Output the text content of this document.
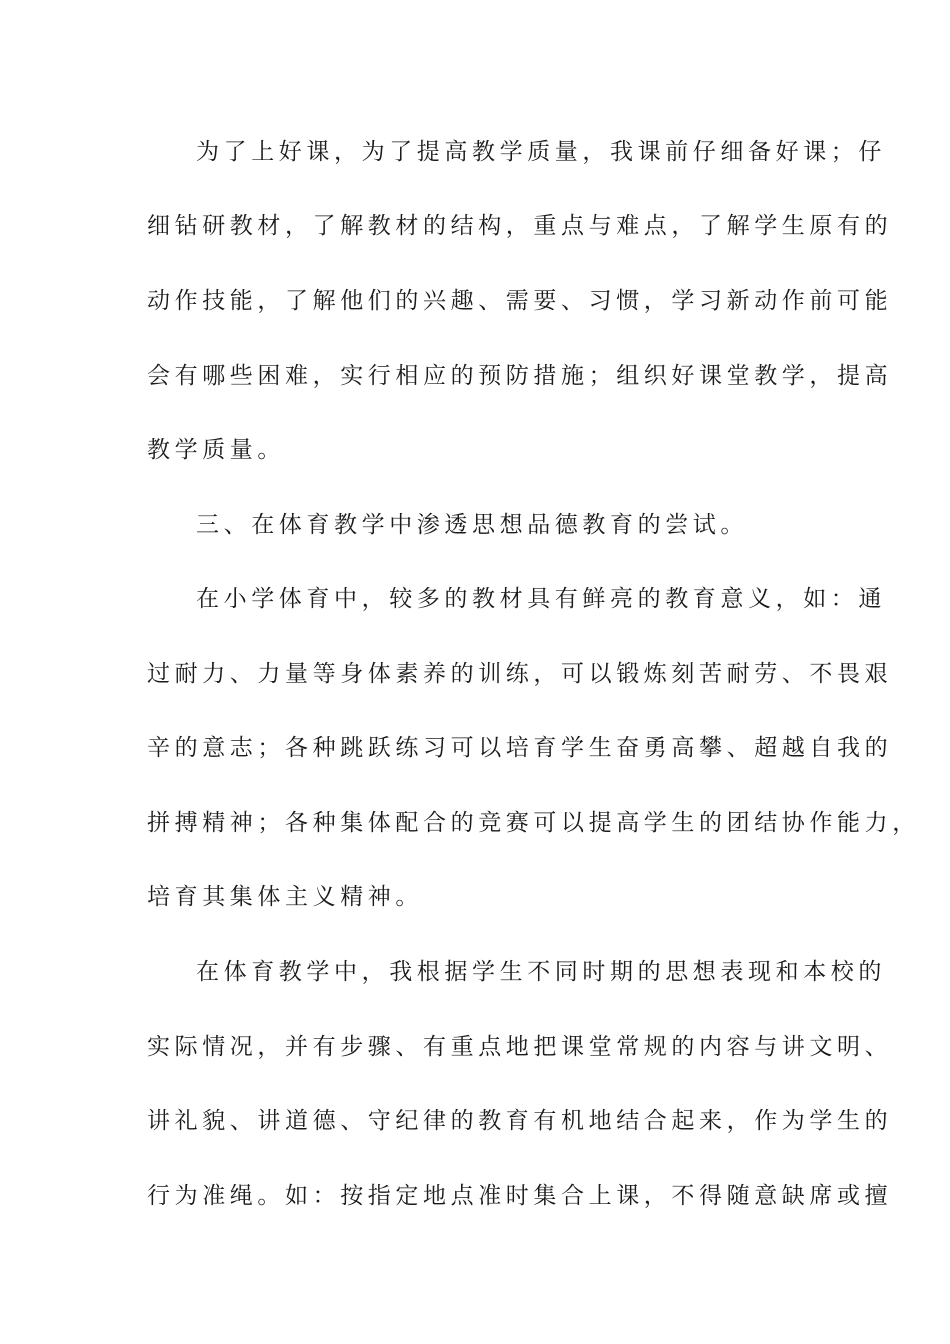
为了上好课，为了提高教学质量，我课前仔细备好课；仔
细钻研教材，了解教材的结构，重点与难点，了解学生原有的
动作技能，了解他们的兴趣、需要、习惯，学习新动作前可能
会有哪些困难，实行相应的预防措施；组织好课堂教学，提高
教学质量。
三、在体育教学中渗透思想品德教育的尝试。
在小学体育中，较多的教材具有鲜亮的教育意义，如：通
过耐力、力量等身体素养的训练，可以锻炼刻苦耐劳、不畏艰
辛的意志；各种跳跃练习可以培育学生奋勇高攀、超越自我的
拼搏精神；各种集体配合的竞赛可以提高学生的团结协作能力，
培育其集体主义精神。
在体育教学中，我根据学生不同时期的思想表现和本校的
实际情况，并有步骤、有重点地把课堂常规的内容与讲文明、
讲礼貌、讲道德、守纪律的教育有机地结合起来，作为学生的
行为准绳。如：按指定地点准时集合上课，不得随意缺席或擅
